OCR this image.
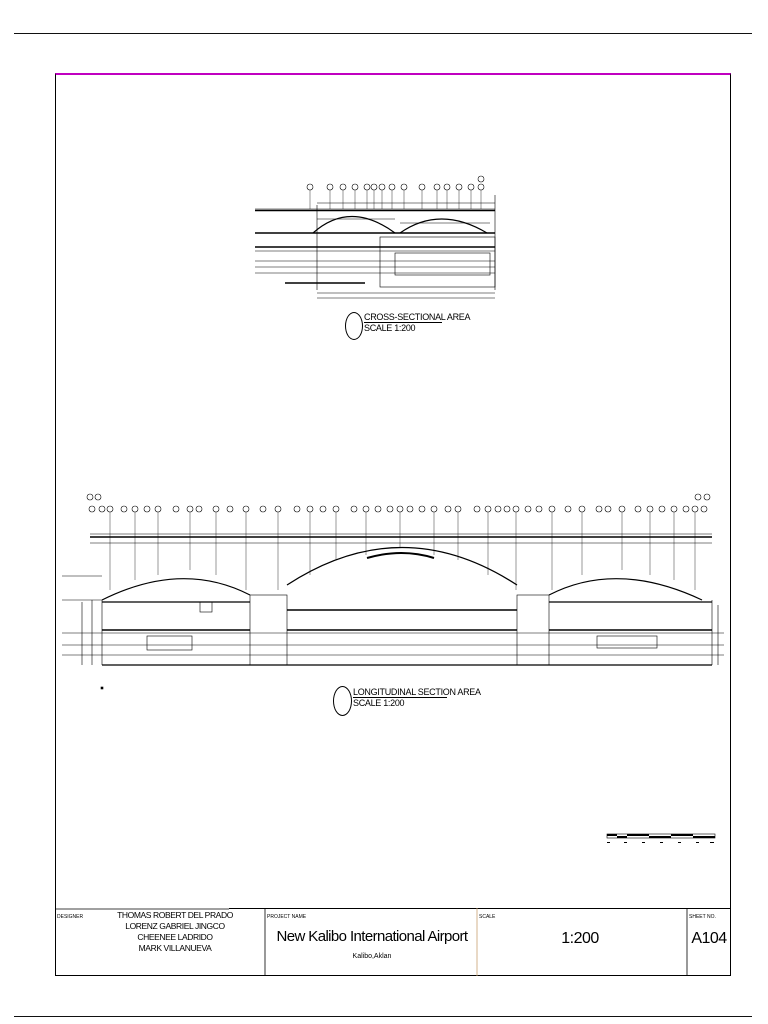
CROSS-SECTIONAL AREA
SCALE 1:200
LONGITUDINAL SECTION AREA
SCALE 1:200
DESIGNER	THOMAS ROBERT DEL PRADO
LORENZ GABRIEL JINGCO
CHEENEE LADRIDO
MARK VILLANUEVA
PROJECT NAME
New Kalibo International Airport
Kalibo,Aklan
SCALE
1:200
SHEET NO.
A104
